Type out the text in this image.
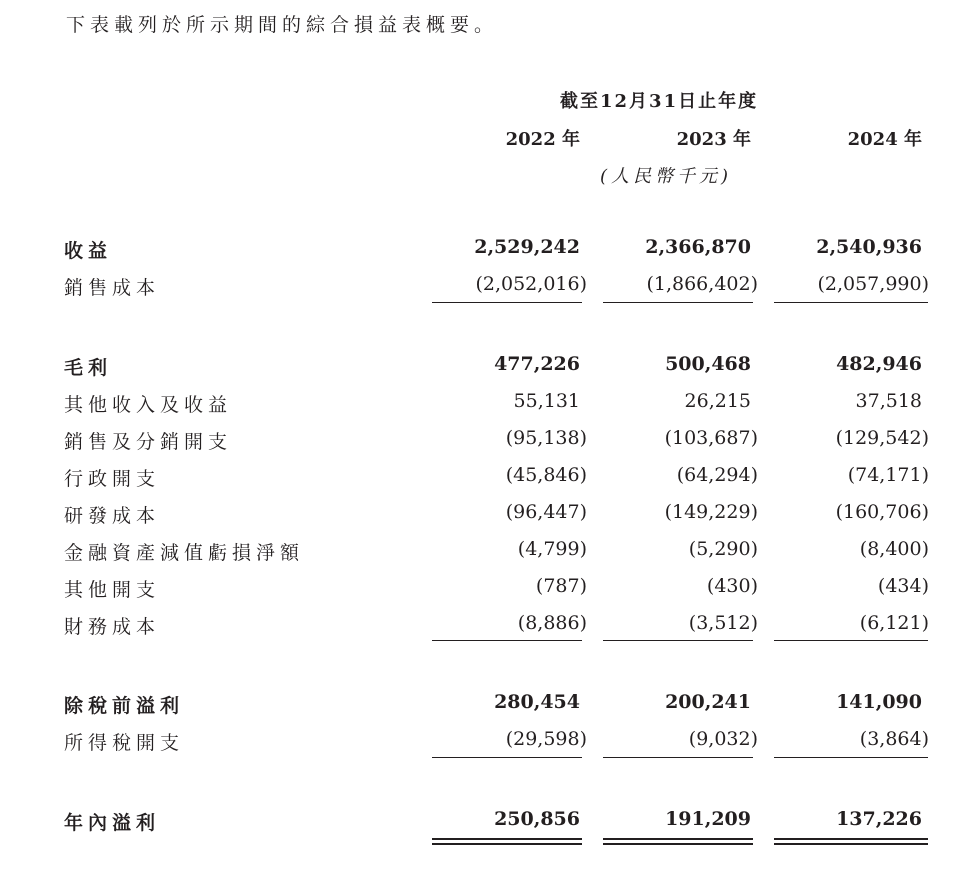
下表載列於所示期間的綜合損益表概要。
截至12月31日止年度
2022 年	2023 年	2024 年
(人民幣千元)
收益	2,529,242	2,366,870	2,540,936
銷售成本	(2,052,016)	(1,866,402)	(2,057,990)
毛利	477,226	500,468	482,946
其他收入及收益	55,131	26,215	37,518
銷售及分銷開支	(95,138)	(103,687)	(129,542)
行政開支	(45,846)	(64,294)	(74,171)
研發成本	(96,447)	(149,229)	(160,706)
金融資產減值虧損淨額	(4,799)	(5,290)	(8,400)
其他開支	(787)	(430)	(434)
財務成本	(8,886)	(3,512)	(6,121)
除稅前溢利	280,454	200,241	141,090
所得稅開支	(29,598)	(9,032)	(3,864)
年內溢利	250,856	191,209	137,226
